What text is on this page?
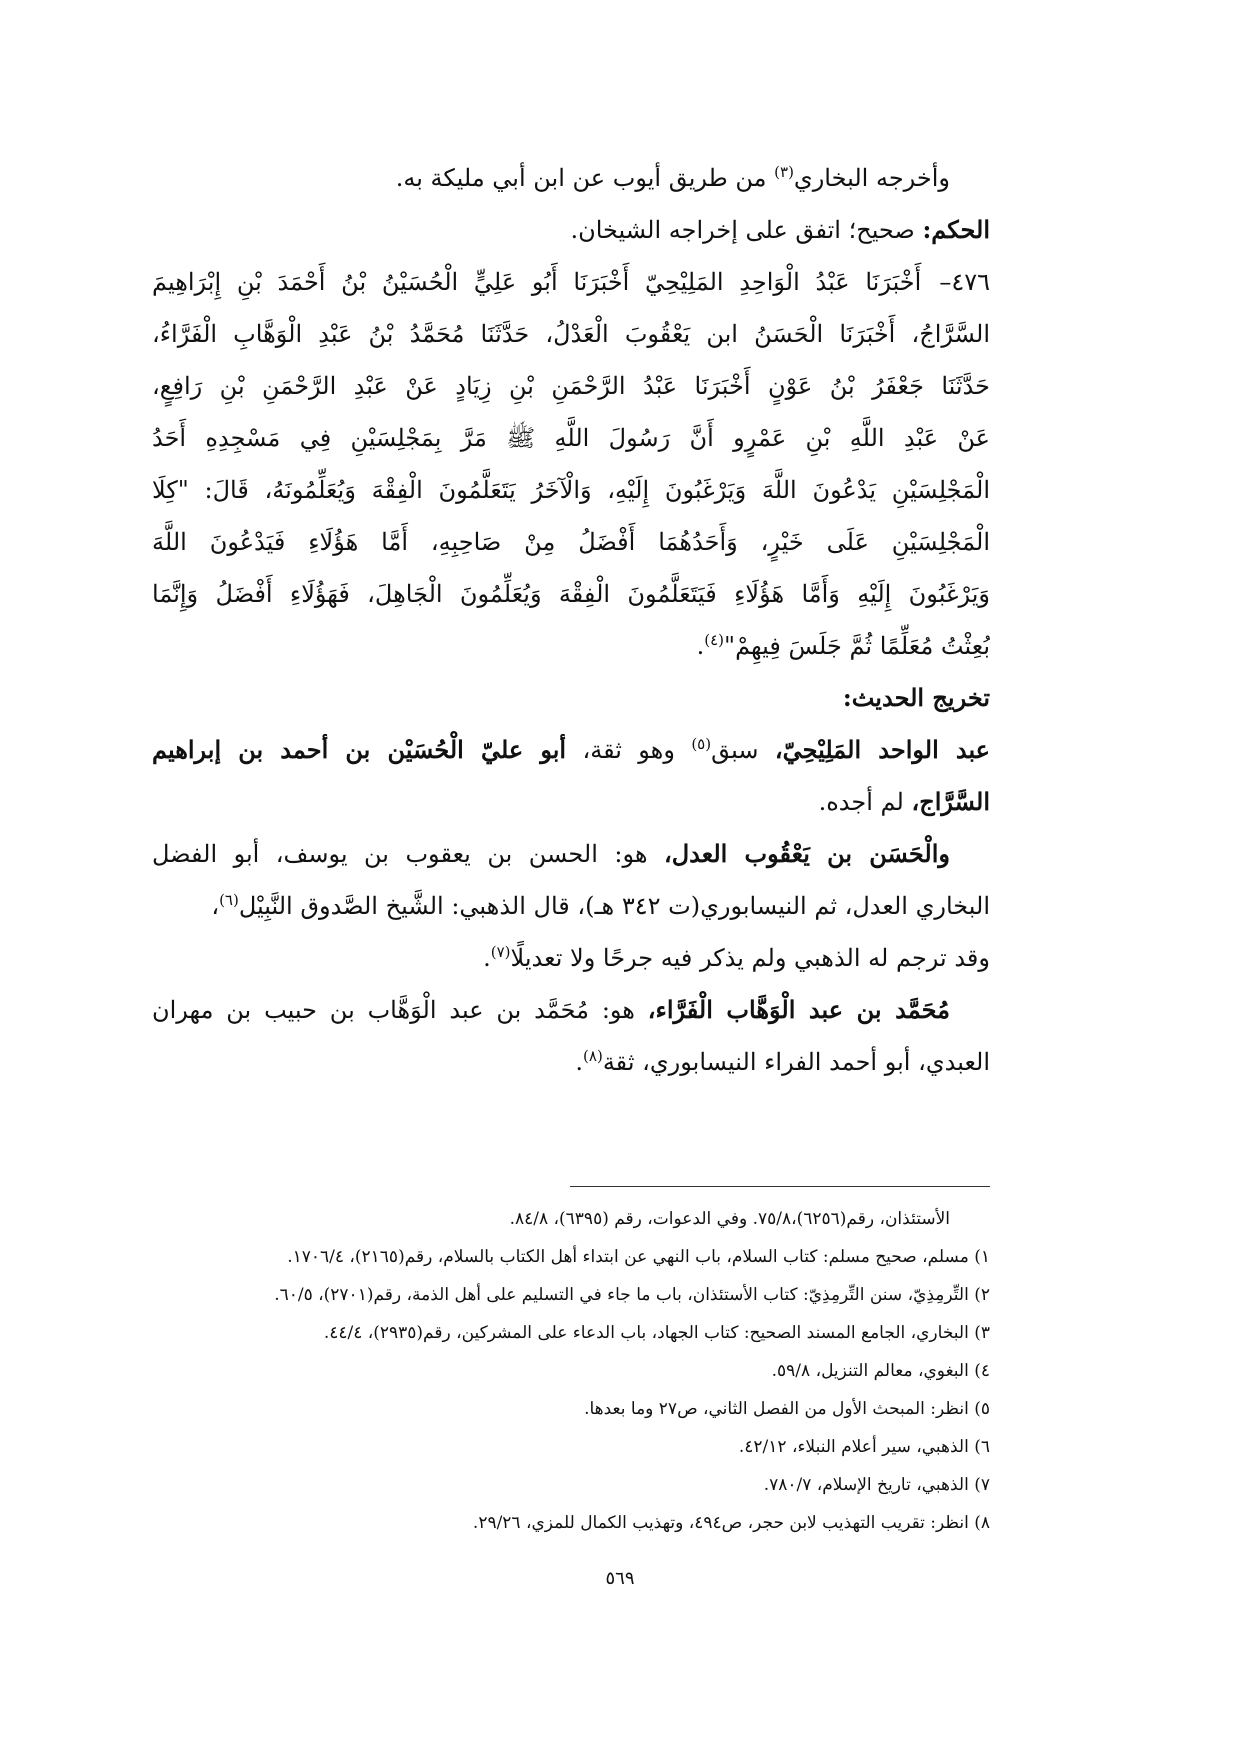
وأخرجه البخاري$^{(٣)}$ من طريق أيوب عن ابن أبي مليكة به.
الحكم: صحيح؛ اتفق على إخراجه الشيخان.
٤٧٦–أَخْبَرَنَا عَبْدُ الْوَاحِدِ المَلِيْحِيّ أَخْبَرَنَا أَبُو عَلِيٍّ الْحُسَيْنُ بْنُ أَحْمَدَ بْنِ إِبْرَاهِيمَ
السَّرَّاجُ، أَخْبَرَنَا الْحَسَنُ ابن يَعْقُوبَ الْعَدْلُ، حَدَّثَنَا مُحَمَّدُ بْنُ عَبْدِ الْوَهَّابِ الْفَرَّاءُ،
حَدَّثَنَا جَعْفَرُ بْنُ عَوْنٍ أَخْبَرَنَا عَبْدُ الرَّحْمَنِ بْنِ زِيَادٍ عَنْ عَبْدِ الرَّحْمَنِ بْنِ رَافِعٍ،
عَنْ عَبْدِ اللَّهِ بْنِ عَمْرٍو أَنَّ رَسُولَ اللَّهِ ﷺ مَرَّ بِمَجْلِسَيْنِ فِي مَسْجِدِهِ أَحَدُ
الْمَجْلِسَيْنِ يَدْعُونَ اللَّهَ وَيَرْغَبُونَ إِلَيْهِ، وَالْآخَرُ يَتَعَلَّمُونَ الْفِقْهَ وَيُعَلِّمُونَهُ، قَالَ: "كِلَا
الْمَجْلِسَيْنِ عَلَى خَيْرٍ، وَأَحَدُهُمَا أَفْضَلُ مِنْ صَاحِبِهِ، أَمَّا هَؤُلَاءِ فَيَدْعُونَ اللَّهَ
وَيَرْغَبُونَ إِلَيْهِ وَأَمَّا هَؤُلَاءِ فَيَتَعَلَّمُونَ الْفِقْهَ وَيُعَلِّمُونَ الْجَاهِلَ، فَهَؤُلَاءِ أَفْضَلُ وَإِنَّمَا
بُعِثْتُ مُعَلِّمًا ثُمَّ جَلَسَ فِيهِمْ"$^{(٤)}$.
تخريج الحديث:
عبد الواحد المَلِيْحِيّ، سبق$^{(٥)}$ وهو ثقة، أبو عليّ الْحُسَيْن بن أحمد بن إبراهيم
السَّرَّاج، لم أجده.
والْحَسَن بن يَعْقُوب العدل، هو: الحسن بن يعقوب بن يوسف، أبو الفضل
البخاري العدل، ثم النيسابوري(ت ٣٤٢ هـ)، قال الذهبي: الشَّيخ الصَّدوق النَّبِيْل$^{(٦)}$،
وقد ترجم له الذهبي ولم يذكر فيه جرحًا ولا تعديلًا$^{(٧)}$.
مُحَمَّد بن عبد الْوَهَّاب الْفَرَّاء، هو: مُحَمَّد بن عبد الْوَهَّاب بن حبيب بن مهران
العبدي، أبو أحمد الفراء النيسابوري، ثقة$^{(٨)}$.
الأستئذان، رقم(٦٢٥٦)،٧٥/٨. وفي الدعوات، رقم (٦٣٩٥)، ٨٤/٨.
١) مسلم، صحيح مسلم: كتاب السلام، باب النهي عن ابتداء أهل الكتاب بالسلام، رقم(٢١٦٥)، ١٧٠٦/٤.
٢) التِّرمِذِيّ، سنن التِّرمِذِيّ: كتاب الأستئذان، باب ما جاء في التسليم على أهل الذمة، رقم(٢٧٠١)، ٦٠/٥.
٣) البخاري، الجامع المسند الصحيح: كتاب الجهاد، باب الدعاء على المشركين، رقم(٢٩٣٥)، ٤٤/٤.
٤) البغوي، معالم التنزيل، ٥٩/٨.
٥) انظر: المبحث الأول من الفصل الثاني، ص٢٧ وما بعدها.
٦) الذهبي، سير أعلام النبلاء، ٤٢/١٢.
٧) الذهبي، تاريخ الإسلام، ٧٨٠/٧.
٨) انظر: تقريب التهذيب لابن حجر، ص٤٩٤، وتهذيب الكمال للمزي، ٢٩/٢٦.
٥٦٩
